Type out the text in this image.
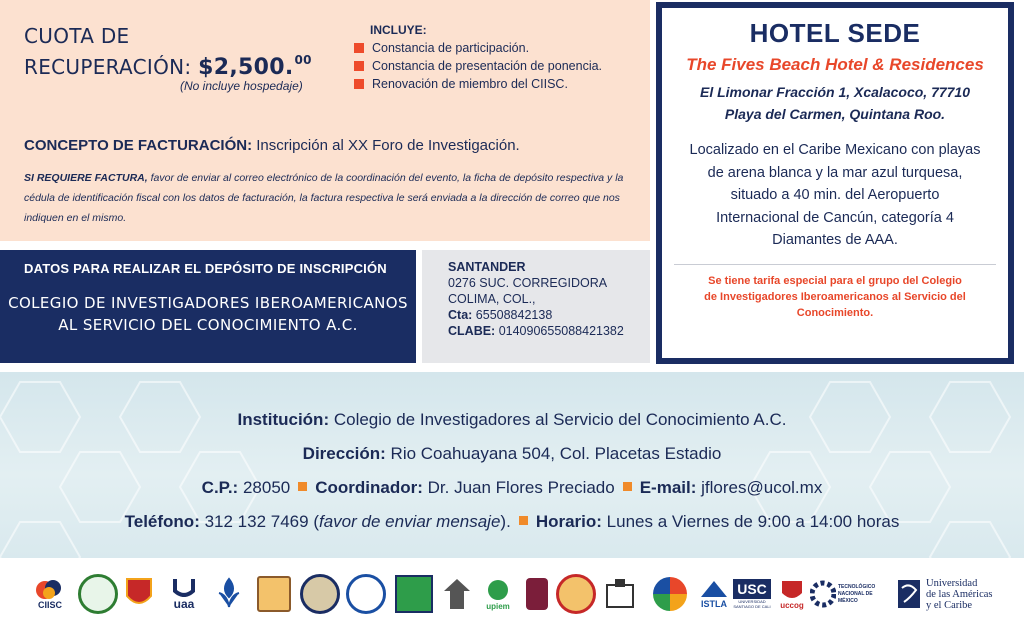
CUOTA DE
RECUPERACIÓN: $2,500.00
(No incluye hospedaje)
INCLUYE:
Constancia de participación.
Constancia de presentación de ponencia.
Renovación de miembro del CIISC.
CONCEPTO DE FACTURACIÓN: Inscripción al XX Foro de Investigación.
SI REQUIERE FACTURA, favor de enviar al correo electrónico de la coordinación del evento, la ficha de depósito respectiva y la cédula de identificación fiscal con los datos de facturación, la factura respectiva le será enviada a la dirección de correo que nos indiquen en el mismo.
DATOS PARA REALIZAR EL DEPÓSITO DE INSCRIPCIÓN
COLEGIO DE INVESTIGADORES IBEROAMERICANOS
AL SERVICIO DEL CONOCIMIENTO A.C.
SANTANDER
0276 SUC. CORREGIDORA
COLIMA, COL.,
Cta: 65508842138
CLABE: 014090655088421382
HOTEL SEDE
The Fives Beach Hotel & Residences
El Limonar Fracción 1, Xcalacoco, 77710
Playa del Carmen, Quintana Roo.
Localizado en el Caribe Mexicano con playas
de arena blanca y la mar azul turquesa,
situado a 40 min. del Aeropuerto
Internacional de Cancún, categoría 4
Diamantes de AAA.
Se tiene tarifa especial para el grupo del Colegio
de Investigadores Iberoamericanos al Servicio del
Conocimiento.
Institución: Colegio de Investigadores al Servicio del Conocimiento A.C.
Dirección: Rio Coahuayana 504, Col. Placetas Estadio
C.P.: 28050 Coordinador: Dr. Juan Flores Preciado E-mail: jflores@ucol.mx
Teléfono: 312 132 7469 (favor de enviar mensaje). Horario: Lunes a Viernes de 9:00 a 14:00 horas
CIISC	uaa	upiem	ISTLA
USC
UNIVERSIDAD SANTIAGO DE CALI uccog
TECNOLÓGICO NACIONAL DE MÉXICO
Universidad
de las Américas
y el Caribe
